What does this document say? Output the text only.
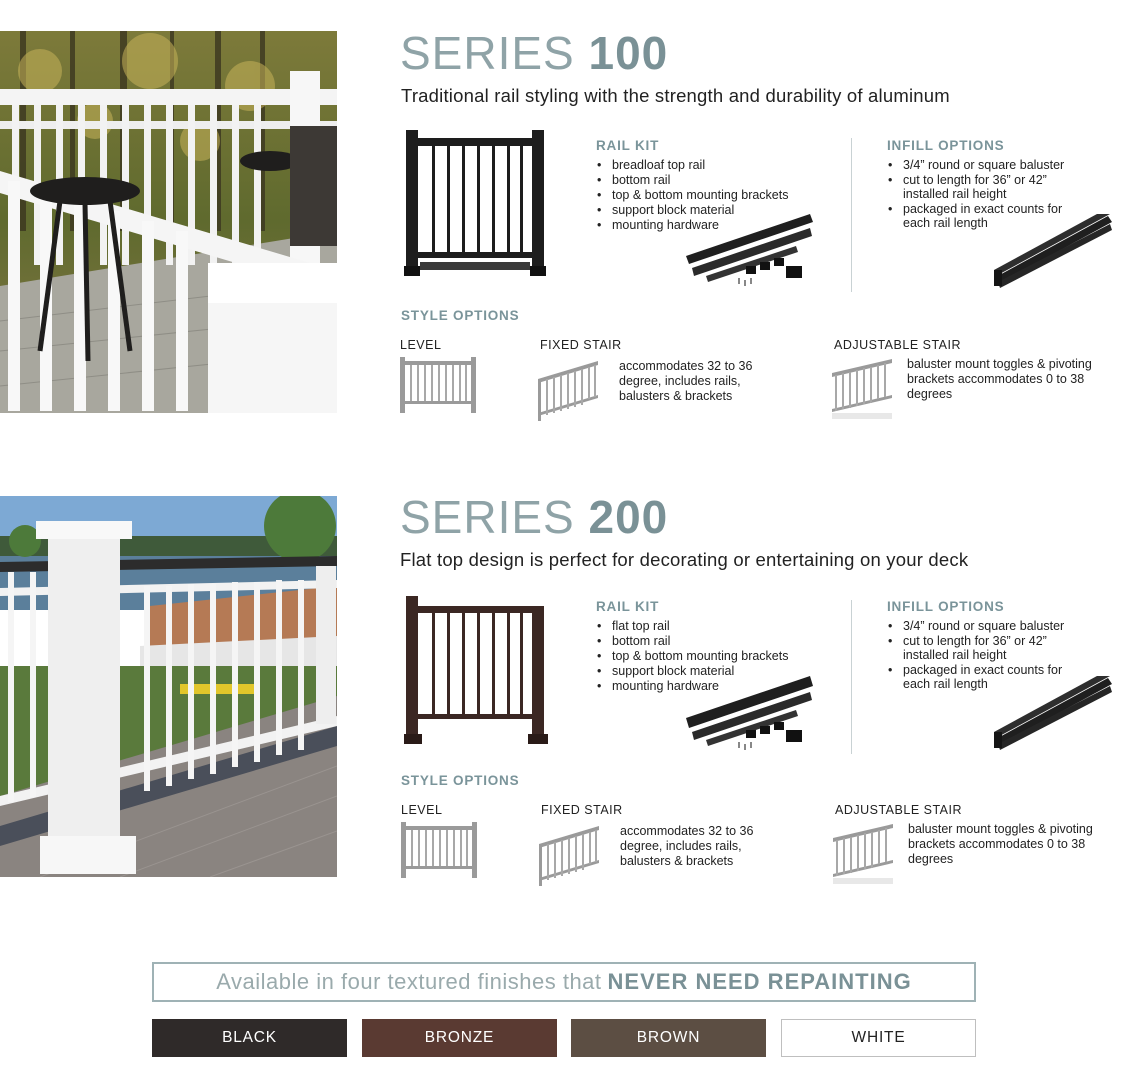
SERIES 100
Traditional rail styling with the strength and durability of aluminum
RAIL KIT
• breadloaf top rail
• bottom rail
• top & bottom mounting brackets
• support block material
• mounting hardware
INFILL OPTIONS
• 3/4” round or square baluster
• cut to length for 36” or 42” installed rail height
• packaged in exact counts for each rail length
STYLE OPTIONS
LEVEL	FIXED STAIR
accommodates 32 to 36 degree, includes rails, balusters & brackets
ADJUSTABLE STAIR
baluster mount toggles & pivoting brackets accommodates 0 to 38 degrees
SERIES 200
Flat top design is perfect for decorating or entertaining on your deck
RAIL KIT
• flat top rail
• bottom rail
• top & bottom mounting brackets
• support block material
• mounting hardware
INFILL OPTIONS
• 3/4” round or square baluster
• cut to length for 36” or 42” installed rail height
• packaged in exact counts for each rail length
STYLE OPTIONS
LEVEL	FIXED STAIR
accommodates 32 to 36 degree, includes rails, balusters & brackets
ADJUSTABLE STAIR
baluster mount toggles & pivoting brackets accommodates 0 to 38 degrees
Available in four textured finishes that NEVER NEED REPAINTING
BLACK	BRONZE	BROWN	WHITE
